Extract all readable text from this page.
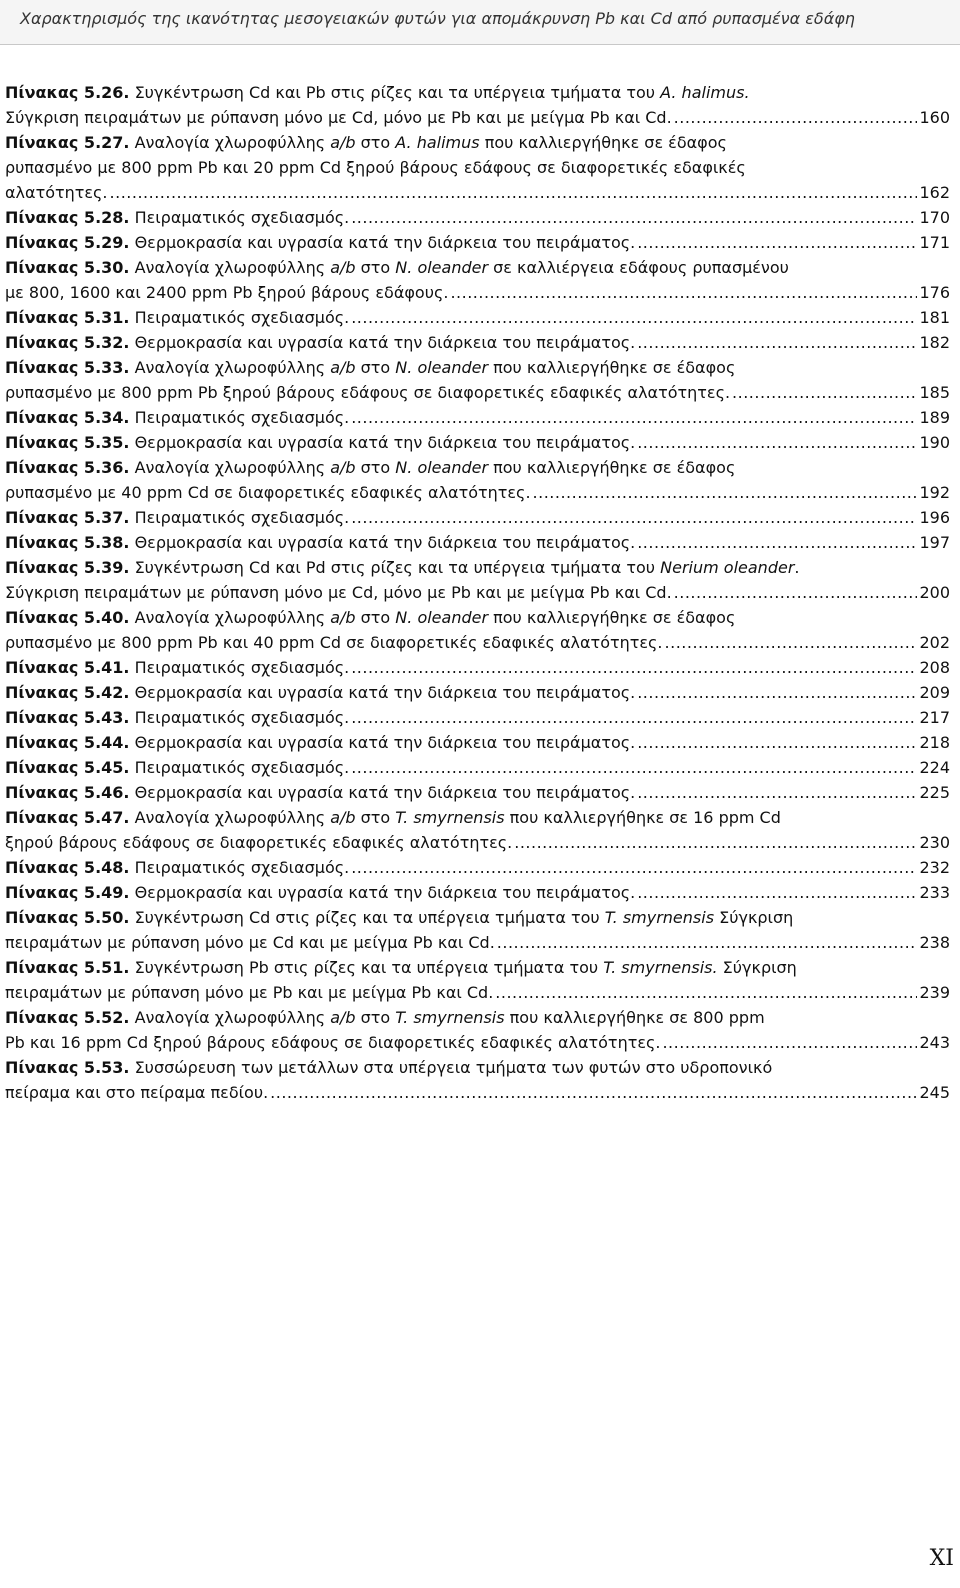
Χαρακτηρισμός της ικανότητας μεσογειακών φυτών για απομάκρυνση Pb και Cd από ρυπασμένα εδάφη
Πίνακας 5.26. Συγκέντρωση Cd και Pb στις ρίζες και τα υπέργεια τμήματα του A. halimus.
Σύγκριση πειραμάτων με ρύπανση μόνο με Cd, μόνο με Pb και με μείγμα Pb και Cd. .....	160
Πίνακας 5.27. Αναλογία χλωροφύλλης a/b στο A. halimus που καλλιεργήθηκε σε έδαφος
ρυπασμένο με 800 ppm Pb και 20 ppm Cd ξηρού βάρους εδάφους σε διαφορετικές εδαφικές
αλατότητες. .....	162
Πίνακας 5.28. Πειραματικός σχεδιασμός. .....	170
Πίνακας 5.29. Θερμοκρασία και υγρασία κατά την διάρκεια του πειράματος. .....	171
Πίνακας 5.30. Αναλογία χλωροφύλλης a/b στο N. oleander σε καλλιέργεια εδάφους ρυπασμένου
με 800, 1600 και 2400 ppm Pb ξηρού βάρους εδάφους. .....	176
Πίνακας 5.31. Πειραματικός σχεδιασμός. .....	181
Πίνακας 5.32. Θερμοκρασία και υγρασία κατά την διάρκεια του πειράματος. .....	182
Πίνακας 5.33. Αναλογία χλωροφύλλης a/b στο N. oleander που καλλιεργήθηκε σε έδαφος
ρυπασμένο με 800 ppm Pb ξηρού βάρους εδάφους σε διαφορετικές εδαφικές αλατότητες. .....	185
Πίνακας 5.34. Πειραματικός σχεδιασμός. .....	189
Πίνακας 5.35. Θερμοκρασία και υγρασία κατά την διάρκεια του πειράματος. .....	190
Πίνακας 5.36. Αναλογία χλωροφύλλης a/b στο N. oleander που καλλιεργήθηκε σε έδαφος
ρυπασμένο με 40 ppm Cd σε διαφορετικές εδαφικές αλατότητες. .....	192
Πίνακας 5.37. Πειραματικός σχεδιασμός. .....	196
Πίνακας 5.38. Θερμοκρασία και υγρασία κατά την διάρκεια του πειράματος. .....	197
Πίνακας 5.39. Συγκέντρωση Cd και Pd στις ρίζες και τα υπέργεια τμήματα του Nerium oleander.
Σύγκριση πειραμάτων με ρύπανση μόνο με Cd, μόνο με Pb και με μείγμα Pb και Cd. .....	200
Πίνακας 5.40. Αναλογία χλωροφύλλης a/b στο N. oleander που καλλιεργήθηκε σε έδαφος
ρυπασμένο με 800 ppm Pb και 40 ppm Cd σε διαφορετικές εδαφικές αλατότητες. .....	202
Πίνακας 5.41. Πειραματικός σχεδιασμός. .....	208
Πίνακας 5.42. Θερμοκρασία και υγρασία κατά την διάρκεια του πειράματος. .....	209
Πίνακας 5.43. Πειραματικός σχεδιασμός. .....	217
Πίνακας 5.44. Θερμοκρασία και υγρασία κατά την διάρκεια του πειράματος. .....	218
Πίνακας 5.45. Πειραματικός σχεδιασμός. .....	224
Πίνακας 5.46. Θερμοκρασία και υγρασία κατά την διάρκεια του πειράματος. .....	225
Πίνακας 5.47. Αναλογία χλωροφύλλης a/b στο T. smyrnensis που καλλιεργήθηκε σε 16 ppm Cd
ξηρού βάρους εδάφους σε διαφορετικές εδαφικές αλατότητες. .....	230
Πίνακας 5.48. Πειραματικός σχεδιασμός. .....	232
Πίνακας 5.49. Θερμοκρασία και υγρασία κατά την διάρκεια του πειράματος. .....	233
Πίνακας 5.50. Συγκέντρωση Cd στις ρίζες και τα υπέργεια τμήματα του T. smyrnensis Σύγκριση
πειραμάτων με ρύπανση μόνο με Cd και με μείγμα Pb και Cd. .....	238
Πίνακας 5.51. Συγκέντρωση Pb στις ρίζες και τα υπέργεια τμήματα του T. smyrnensis. Σύγκριση
πειραμάτων με ρύπανση μόνο με Pb και με μείγμα Pb και Cd. .....	239
Πίνακας 5.52. Αναλογία χλωροφύλλης a/b στο T. smyrnensis που καλλιεργήθηκε σε 800 ppm
Pb και 16 ppm Cd ξηρού βάρους εδάφους σε διαφορετικές εδαφικές αλατότητες. .....	243
Πίνακας 5.53. Συσσώρευση των μετάλλων στα υπέργεια τμήματα των φυτών στο υδροπονικό
πείραμα και στο πείραμα πεδίου. .....	245
XI
